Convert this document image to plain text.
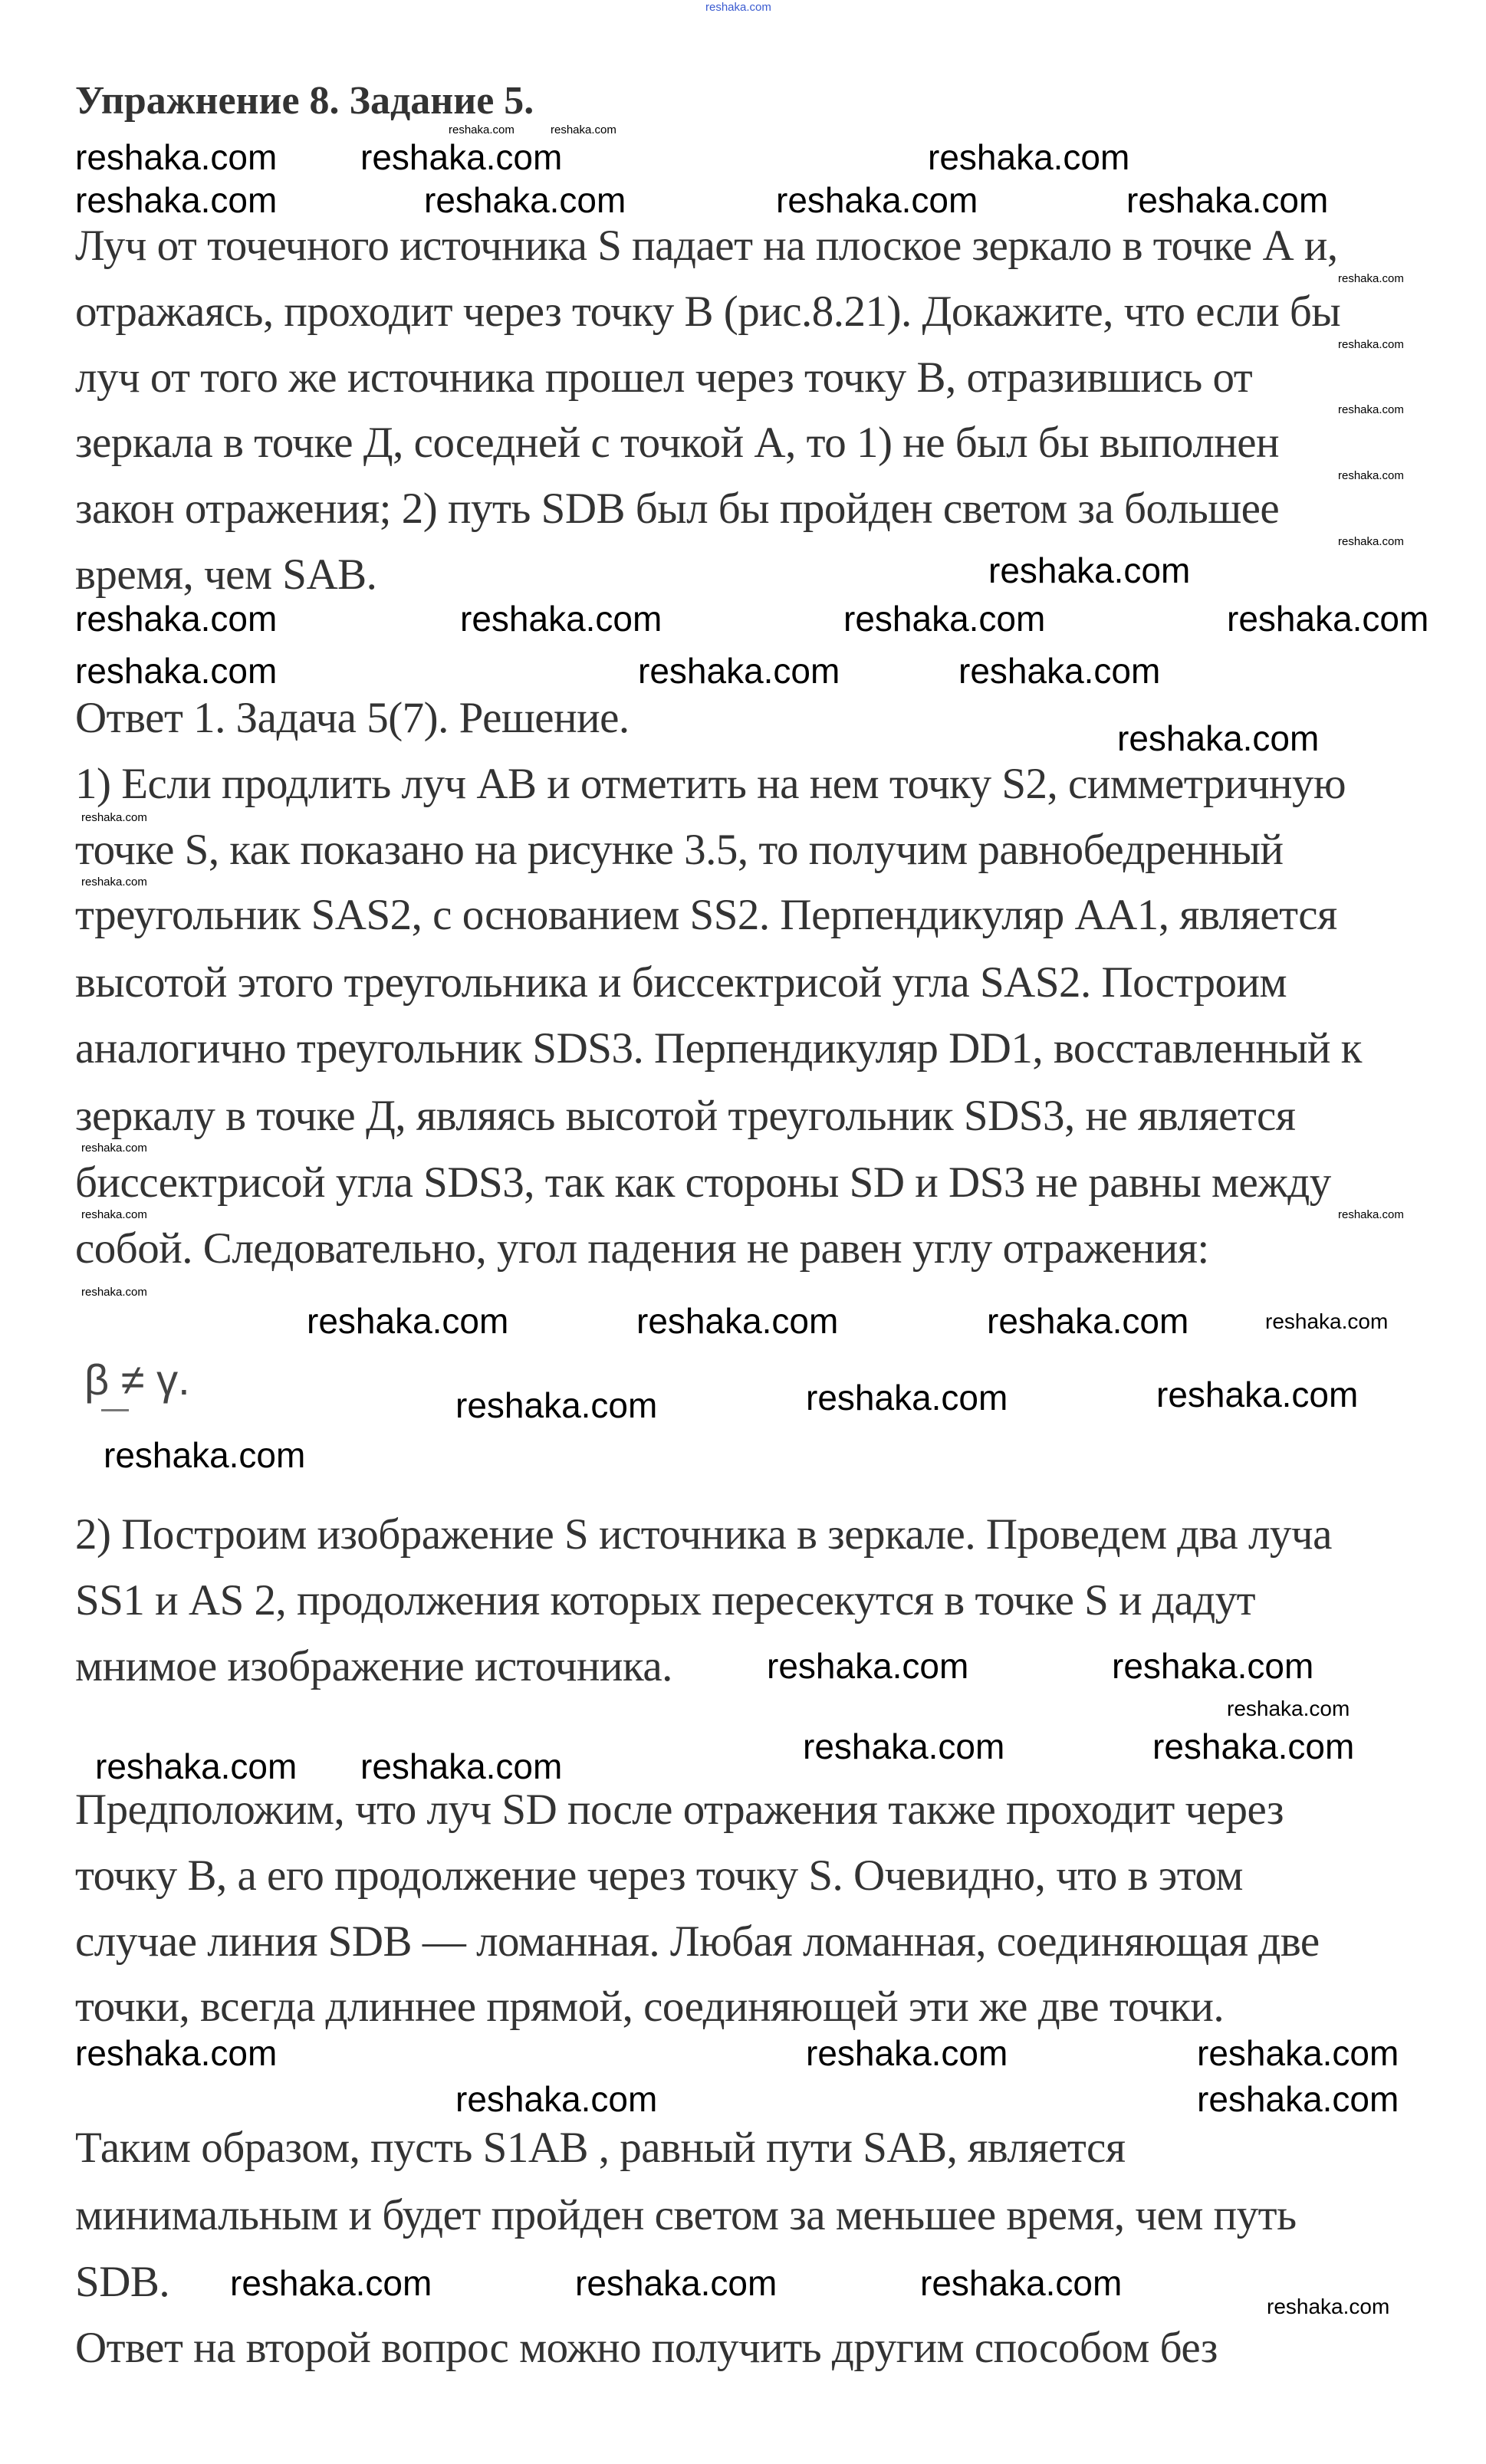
Упражнение 8. Задание 5.
Луч от точечного источника S падает на плоское зеркало в точке А и,
отражаясь, проходит через точку В (рис.8.21). Докажите, что если бы
луч от того же источника прошел через точку В, отразившись от
зеркала в точке Д, соседней с точкой А, то 1) не был бы выполнен
закон отражения; 2) путь SDB был бы пройден светом за большее
время, чем SAB.
Ответ 1. Задача 5(7). Решение.
1) Если продлить луч АВ и отметить на нем точку S2, симметричную
точке S, как показано на рисунке 3.5, то получим равнобедренный
треугольник SAS2, с основанием SS2. Перпендикуляр АА1, является
высотой этого треугольника и биссектрисой угла SAS2. Построим
аналогично треугольник SDS3. Перпендикуляр DD1, восставленный к
зеркалу в точке Д, являясь высотой треугольник SDS3, не является
биссектрисой угла SDS3, так как стороны SD и DS3 не равны между
собой. Следовательно, угол падения не равен углу отражения:
β ≠ γ.
2) Построим изображение S источника в зеркале. Проведем два луча
SS1 и AS 2, продолжения которых пересекутся в точке S и дадут
мнимое изображение источника.
Предположим, что луч SD после отражения также проходит через
точку В, а его продолжение через точку S. Очевидно, что в этом
случае линия SDB — ломанная. Любая ломанная, соединяющая две
точки, всегда длиннее прямой, соединяющей эти же две точки.
Таким образом, пусть S1AB , равный пути SAB, является
минимальным и будет пройден светом за меньшее время, чем путь
SDB.
Ответ на второй вопрос можно получить другим способом без
reshaka.com
reshaka.com	reshaka.com
reshaka.com reshaka.com	reshaka.com
reshaka.com	reshaka.com	reshaka.com	reshaka.com
reshaka.com
reshaka.com	reshaka.com	reshaka.com	reshaka.com
reshaka.com	reshaka.com	reshaka.com
reshaka.com
reshaka.com	reshaka.com	reshaka.com	reshaka.com
reshaka.com	reshaka.com	reshaka.com
reshaka.com
reshaka.com	reshaka.com
reshaka.com
reshaka.com	reshaka.com
reshaka.com reshaka.com
reshaka.com	reshaka.com	reshaka.com
reshaka.com	reshaka.com
reshaka.com	reshaka.com	reshaka.com
reshaka.com
reshaka.com
reshaka.com
reshaka.com
reshaka.com
reshaka.com
reshaka.com
reshaka.com
reshaka.com
reshaka.com
reshaka.com
reshaka.com
